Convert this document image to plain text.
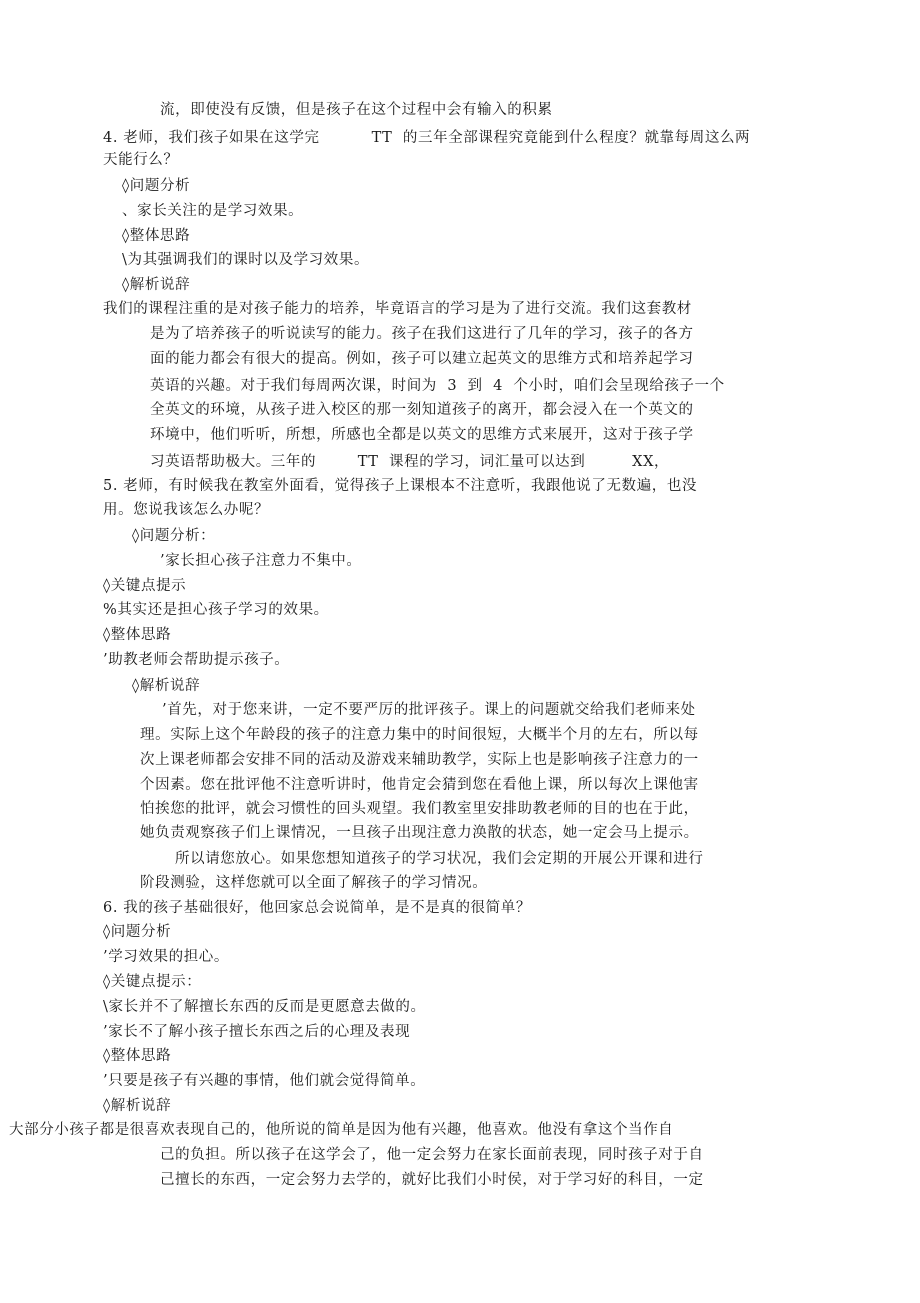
流，即使没有反馈，但是孩子在这个过程中会有输入的积累
4. 老师，我们孩子如果在这学完          TT  的三年全部课程究竟能到什么程度？就靠每周这么两
天能行么？
◊问题分析
、家长关注的是学习效果。
◊整体思路
\为其强调我们的课时以及学习效果。
◊解析说辞
我们的课程注重的是对孩子能力的培养，毕竟语言的学习是为了进行交流。我们这套教材
是为了培养孩子的听说读写的能力。孩子在我们这进行了几年的学习，孩子的各方
面的能力都会有很大的提高。例如，孩子可以建立起英文的思维方式和培养起学习
英语的兴趣。对于我们每周两次课，时间为  3  到  4  个小时，咱们会呈现给孩子一个
全英文的环境，从孩子进入校区的那一刻知道孩子的离开，都会浸入在一个英文的
环境中，他们听听，所想，所感也全都是以英文的思维方式来展开，这对于孩子学
习英语帮助极大。三年的        TT  课程的学习，词汇量可以达到         XX，
5. 老师，有时候我在教室外面看，觉得孩子上课根本不注意听，我跟他说了无数遍，也没
用。您说我该怎么办呢？
◊问题分析：
’家长担心孩子注意力不集中。
◊关键点提示
%其实还是担心孩子学习的效果。
◊整体思路
’助教老师会帮助提示孩子。
◊解析说辞
’首先，对于您来讲，一定不要严厉的批评孩子。课上的问题就交给我们老师来处
理。实际上这个年龄段的孩子的注意力集中的时间很短，大概半个月的左右，所以每
次上课老师都会安排不同的活动及游戏来辅助教学，实际上也是影响孩子注意力的一
个因素。您在批评他不注意听讲时，他肯定会猜到您在看他上课，所以每次上课他害
怕挨您的批评，就会习惯性的回头观望。我们教室里安排助教老师的目的也在于此，
她负责观察孩子们上课情况，一旦孩子出现注意力涣散的状态，她一定会马上提示。
所以请您放心。如果您想知道孩子的学习状况，我们会定期的开展公开课和进行
阶段测验，这样您就可以全面了解孩子的学习情况。
6. 我的孩子基础很好，他回家总会说简单，是不是真的很简单？
◊问题分析
’学习效果的担心。
◊关键点提示：
\家长并不了解擅长东西的反而是更愿意去做的。
’家长不了解小孩子擅长东西之后的心理及表现
◊整体思路
’只要是孩子有兴趣的事情，他们就会觉得简单。
◊解析说辞
大部分小孩子都是很喜欢表现自己的，他所说的简单是因为他有兴趣，他喜欢。他没有拿这个当作自
己的负担。所以孩子在这学会了，他一定会努力在家长面前表现，同时孩子对于自
己擅长的东西，一定会努力去学的，就好比我们小时侯，对于学习好的科目，一定
